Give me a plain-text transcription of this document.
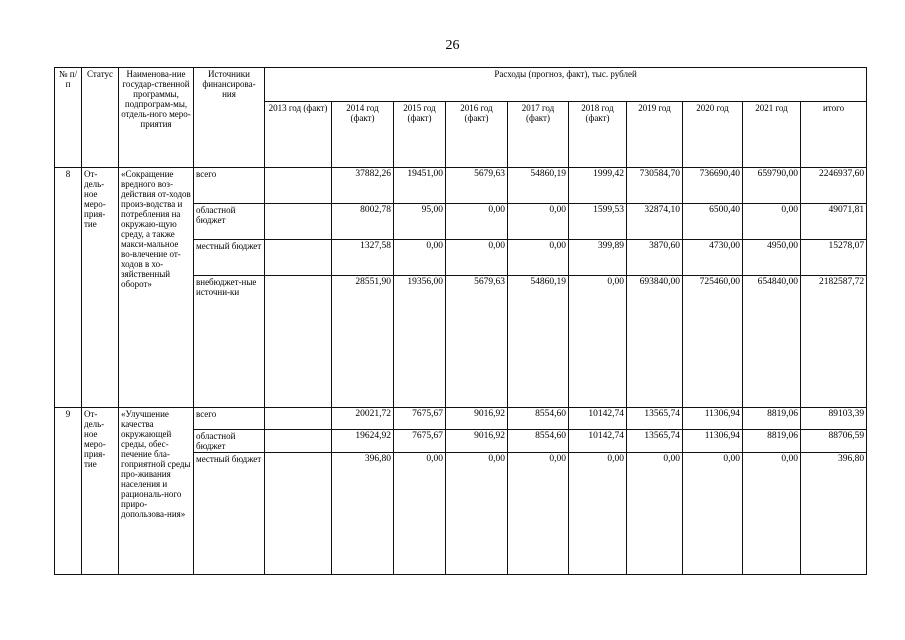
26
№ п/п	Статус	Наименова-ние государ-ственной программы, подпрограм-мы, отдель-ного меро-приятия	Источники финансирова-ния	Расходы (прогноз, факт), тыс. рублей									
				2013 год (факт)	2014 год (факт)	2015 год (факт)	2016 год (факт)	2017 год (факт)	2018 год (факт)	2019 год	2020 год	2021 год	итого
8	От-дель-ное меро-прия-тие	«Сокращение вредного воз-действия от-ходов произ-водства и потребления на окружаю-щую среду, а также макси-мальное во-влечение от-ходов в хо-зяйственный оборот»	всего		37882,26	19451,00	5679,63	54860,19	1999,42	730584,70	736690,40	659790,00	2246937,60
			областной бюджет		8002,78	95,00	0,00	0,00	1599,53	32874,10	6500,40	0,00	49071,81
			местный бюджет		1327,58	0,00	0,00	0,00	399,89	3870,60	4730,00	4950,00	15278,07
			внебюджет-ные источни-ки		28551,90	19356,00	5679,63	54860,19	0,00	693840,00	725460,00	654840,00	2182587,72
9	От-дель-ное меро-прия-тие	«Улучшение качества окружающей среды, обес-печение бла-гоприятной среды про-живания населения и рациональ-ного приро-допользова-ния»	всего		20021,72	7675,67	9016,92	8554,60	10142,74	13565,74	11306,94	8819,06	89103,39
			областной бюджет		19624,92	7675,67	9016,92	8554,60	10142,74	13565,74	11306,94	8819,06	88706,59
			местный бюджет		396,80	0,00	0,00	0,00	0,00	0,00	0,00	0,00	396,80
